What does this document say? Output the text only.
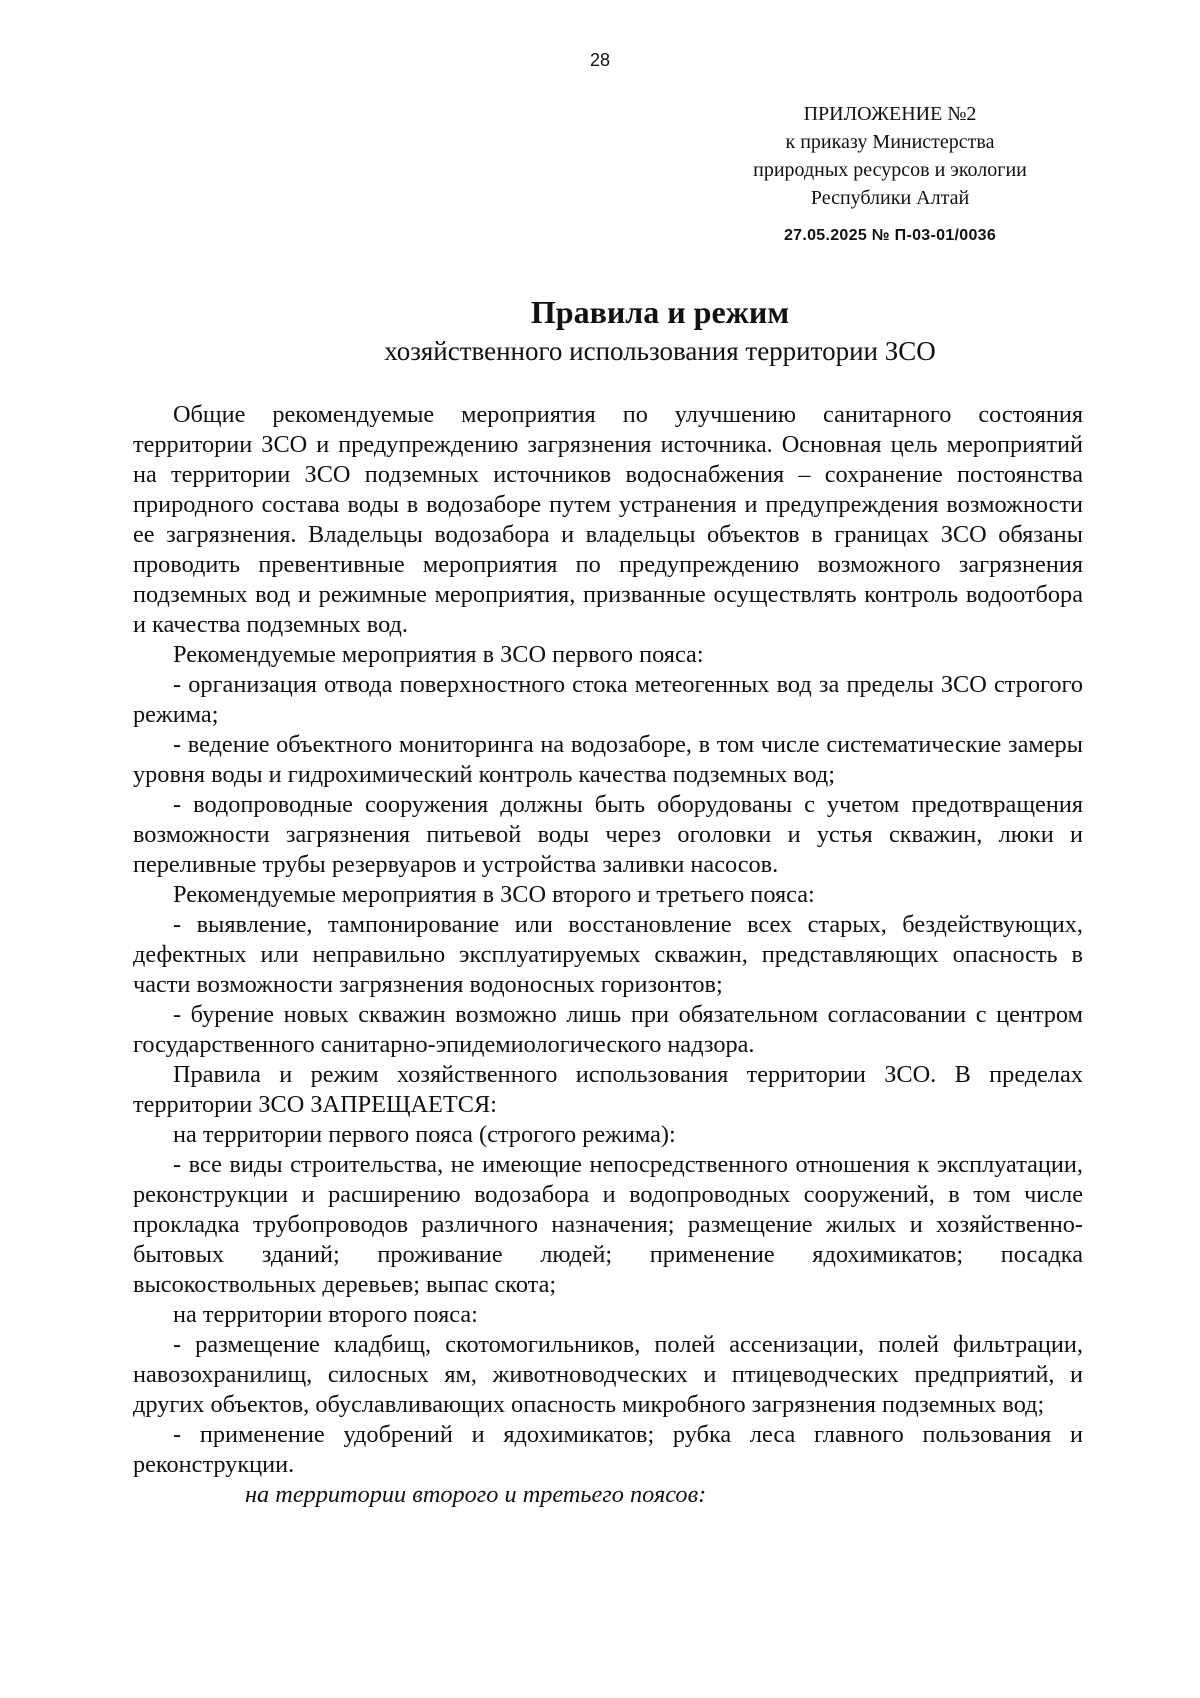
28
ПРИЛОЖЕНИЕ №2
к приказу Министерства
природных ресурсов и экологии
Республики Алтай
27.05.2025 № П-03-01/0036
Правила и режим
хозяйственного использования территории ЗСО

Общие рекомендуемые мероприятия по улучшению санитарного состояния территории ЗСО и предупреждению загрязнения источника. Основная цель мероприятий на территории ЗСО подземных источников водоснабжения – сохранение постоянства природного состава воды в водозаборе путем устранения и предупреждения возможности ее загрязнения. Владельцы водозабора и владельцы объектов в границах ЗСО обязаны проводить превентивные мероприятия по предупреждению возможного загрязнения подземных вод и режимные мероприятия, призванные осуществлять контроль водоотбора и качества подземных вод.

Рекомендуемые мероприятия в ЗСО первого пояса:

- организация отвода поверхностного стока метеогенных вод за пределы ЗСО строгого режима;

- ведение объектного мониторинга на водозаборе, в том числе систематические замеры уровня воды и гидрохимический контроль качества подземных вод;

- водопроводные сооружения должны быть оборудованы с учетом предотвращения возможности загрязнения питьевой воды через оголовки и устья скважин, люки и переливные трубы резервуаров и устройства заливки насосов.

Рекомендуемые мероприятия в ЗСО второго и третьего пояса:

- выявление, тампонирование или восстановление всех старых, бездействующих, дефектных или неправильно эксплуатируемых скважин, представляющих опасность в части возможности загрязнения водоносных горизонтов;

- бурение новых скважин возможно лишь при обязательном согласовании с центром государственного санитарно-эпидемиологического надзора.

Правила и режим хозяйственного использования территории ЗСО. В пределах территории ЗСО ЗАПРЕЩАЕТСЯ:

на территории первого пояса (строгого режима):

- все виды строительства, не имеющие непосредственного отношения к эксплуатации, реконструкции и расширению водозабора и водопроводных сооружений, в том числе прокладка трубопроводов различного назначения; размещение жилых и хозяйственно-бытовых зданий; проживание людей; применение ядохимикатов; посадка высокоствольных деревьев; выпас скота;

на территории второго пояса:

- размещение кладбищ, скотомогильников, полей ассенизации, полей фильтрации, навозохранилищ, силосных ям, животноводческих и птицеводческих предприятий, и других объектов, обуславливающих опасность микробного загрязнения подземных вод;

- применение удобрений и ядохимикатов; рубка леса главного пользования и реконструкции.

на территории второго и третьего поясов:
